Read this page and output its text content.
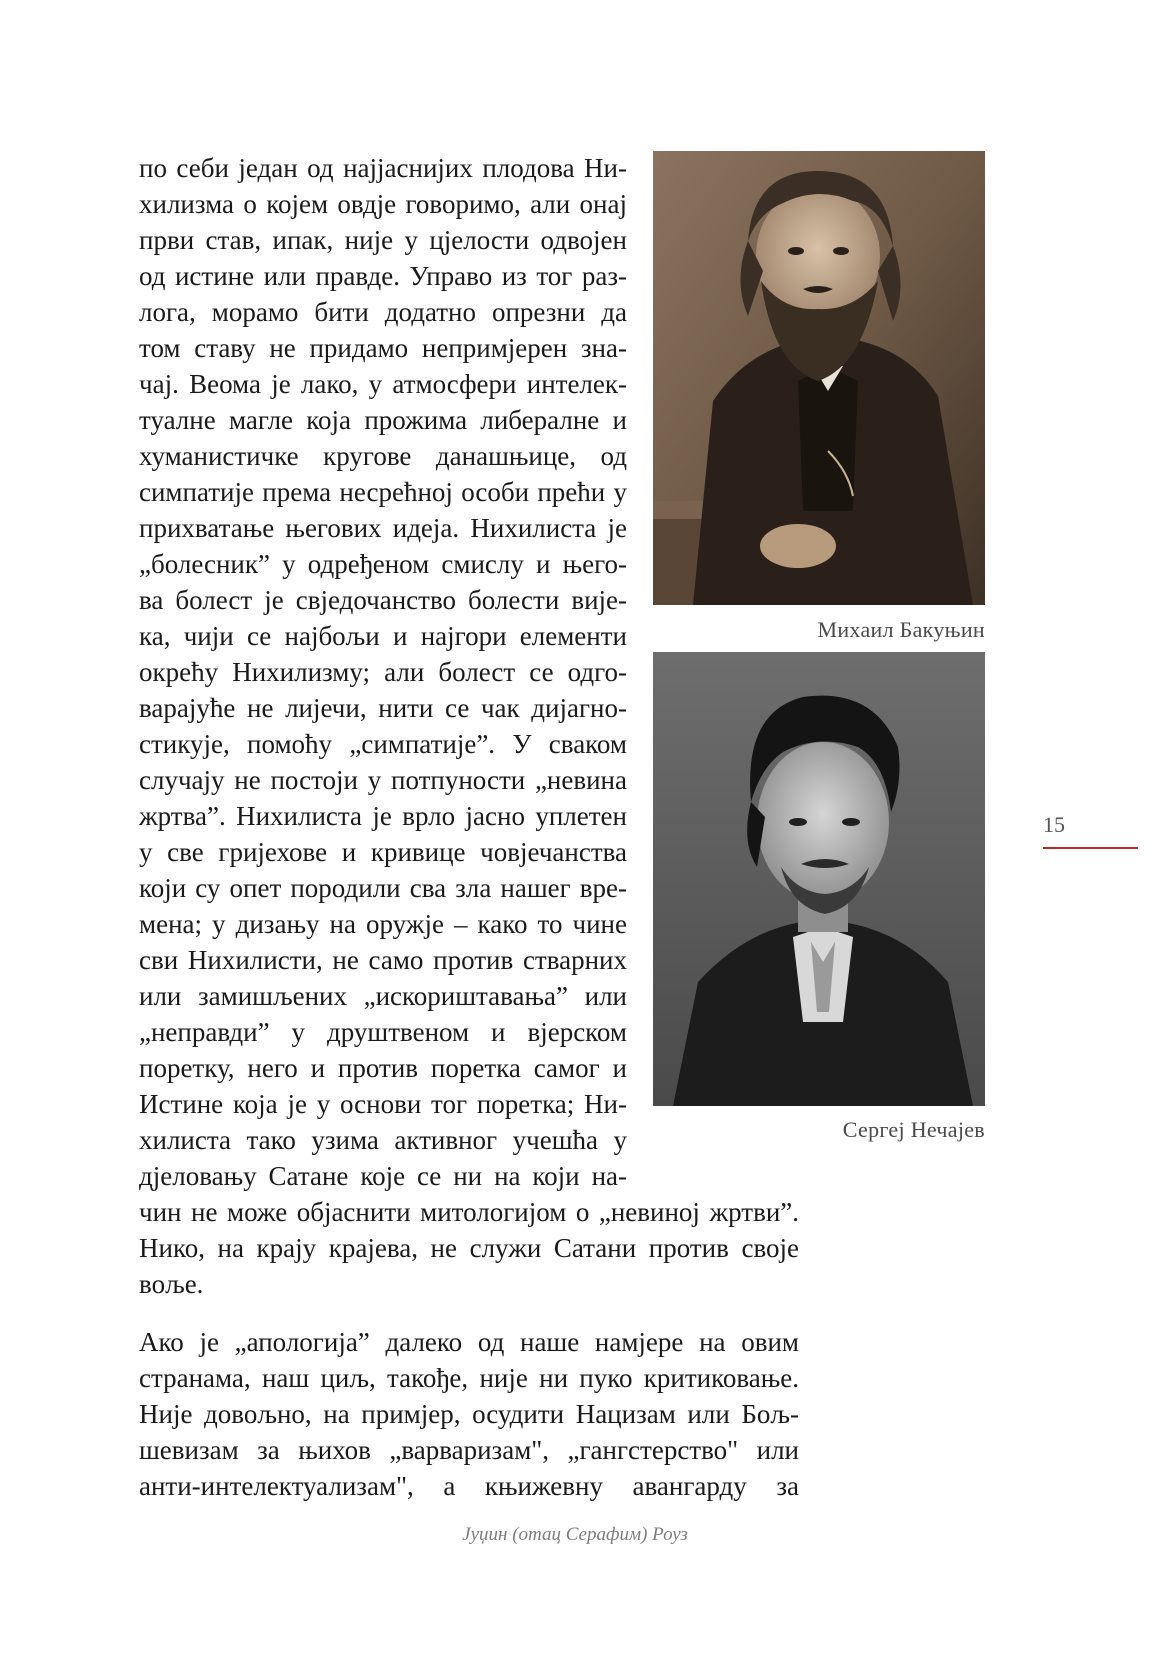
по себи један од најјаснијих плодова Ни-
хилизма о којем овдје говоримо, али онај
први став, ипак, није у цјелости одвојен
од истине или правде. Управо из тог раз-
лога, морамо бити додатно опрезни да
том ставу не придамо непримјерен зна-
чај. Веома је лако, у атмосфери интелек-
туалне магле која прожима либералне и
хуманистичке кругове данашњице, од
симпатије према несрећној особи прећи у
прихватање његових идеја. Нихилиста је
„болесник” у одређеном смислу и њего-
ва болест је свједочанство болести вије-
ка, чији се најбољи и најгори елементи
окрећу Нихилизму; али болест се одго-
варајуће не лијечи, нити се чак дијагно-
стикује, помоћу „симпатије”. У сваком
случају не постоји у потпуности „невина
жртва”. Нихилиста је врло јасно уплетен
у све гријехове и кривице човјечанства
који су опет породили сва зла нашег вре-
мена; у дизању на оружје – како то чине
сви Нихилисти, не само против стварних
или замишљених „искориштавања” или
„неправди” у друштвеном и вјерском
поретку, него и против поретка самог и
Истине која је у основи тог поретка; Ни-
хилиста тако узима активног учешћа у
дјеловању Сатане које се ни на који на-
чин не може објаснити митологијом о „невиној жртви”.
Нико, на крају крајева, не служи Сатани против своје
воље.
Ако је „апологија” далеко од наше намјере на овим
странама, наш циљ, такође, није ни пуко критиковање.
Није довољно, на примјер, осудити Нацизам или Бољ-
шевизам за њихов „варваризам", „гангстерство" или
анти-интелектуализам", а књижевну авангарду за
Михаил Бакуњин
Сергеј Нечајев
15
Јуџин (отац Серафим) Роуз
